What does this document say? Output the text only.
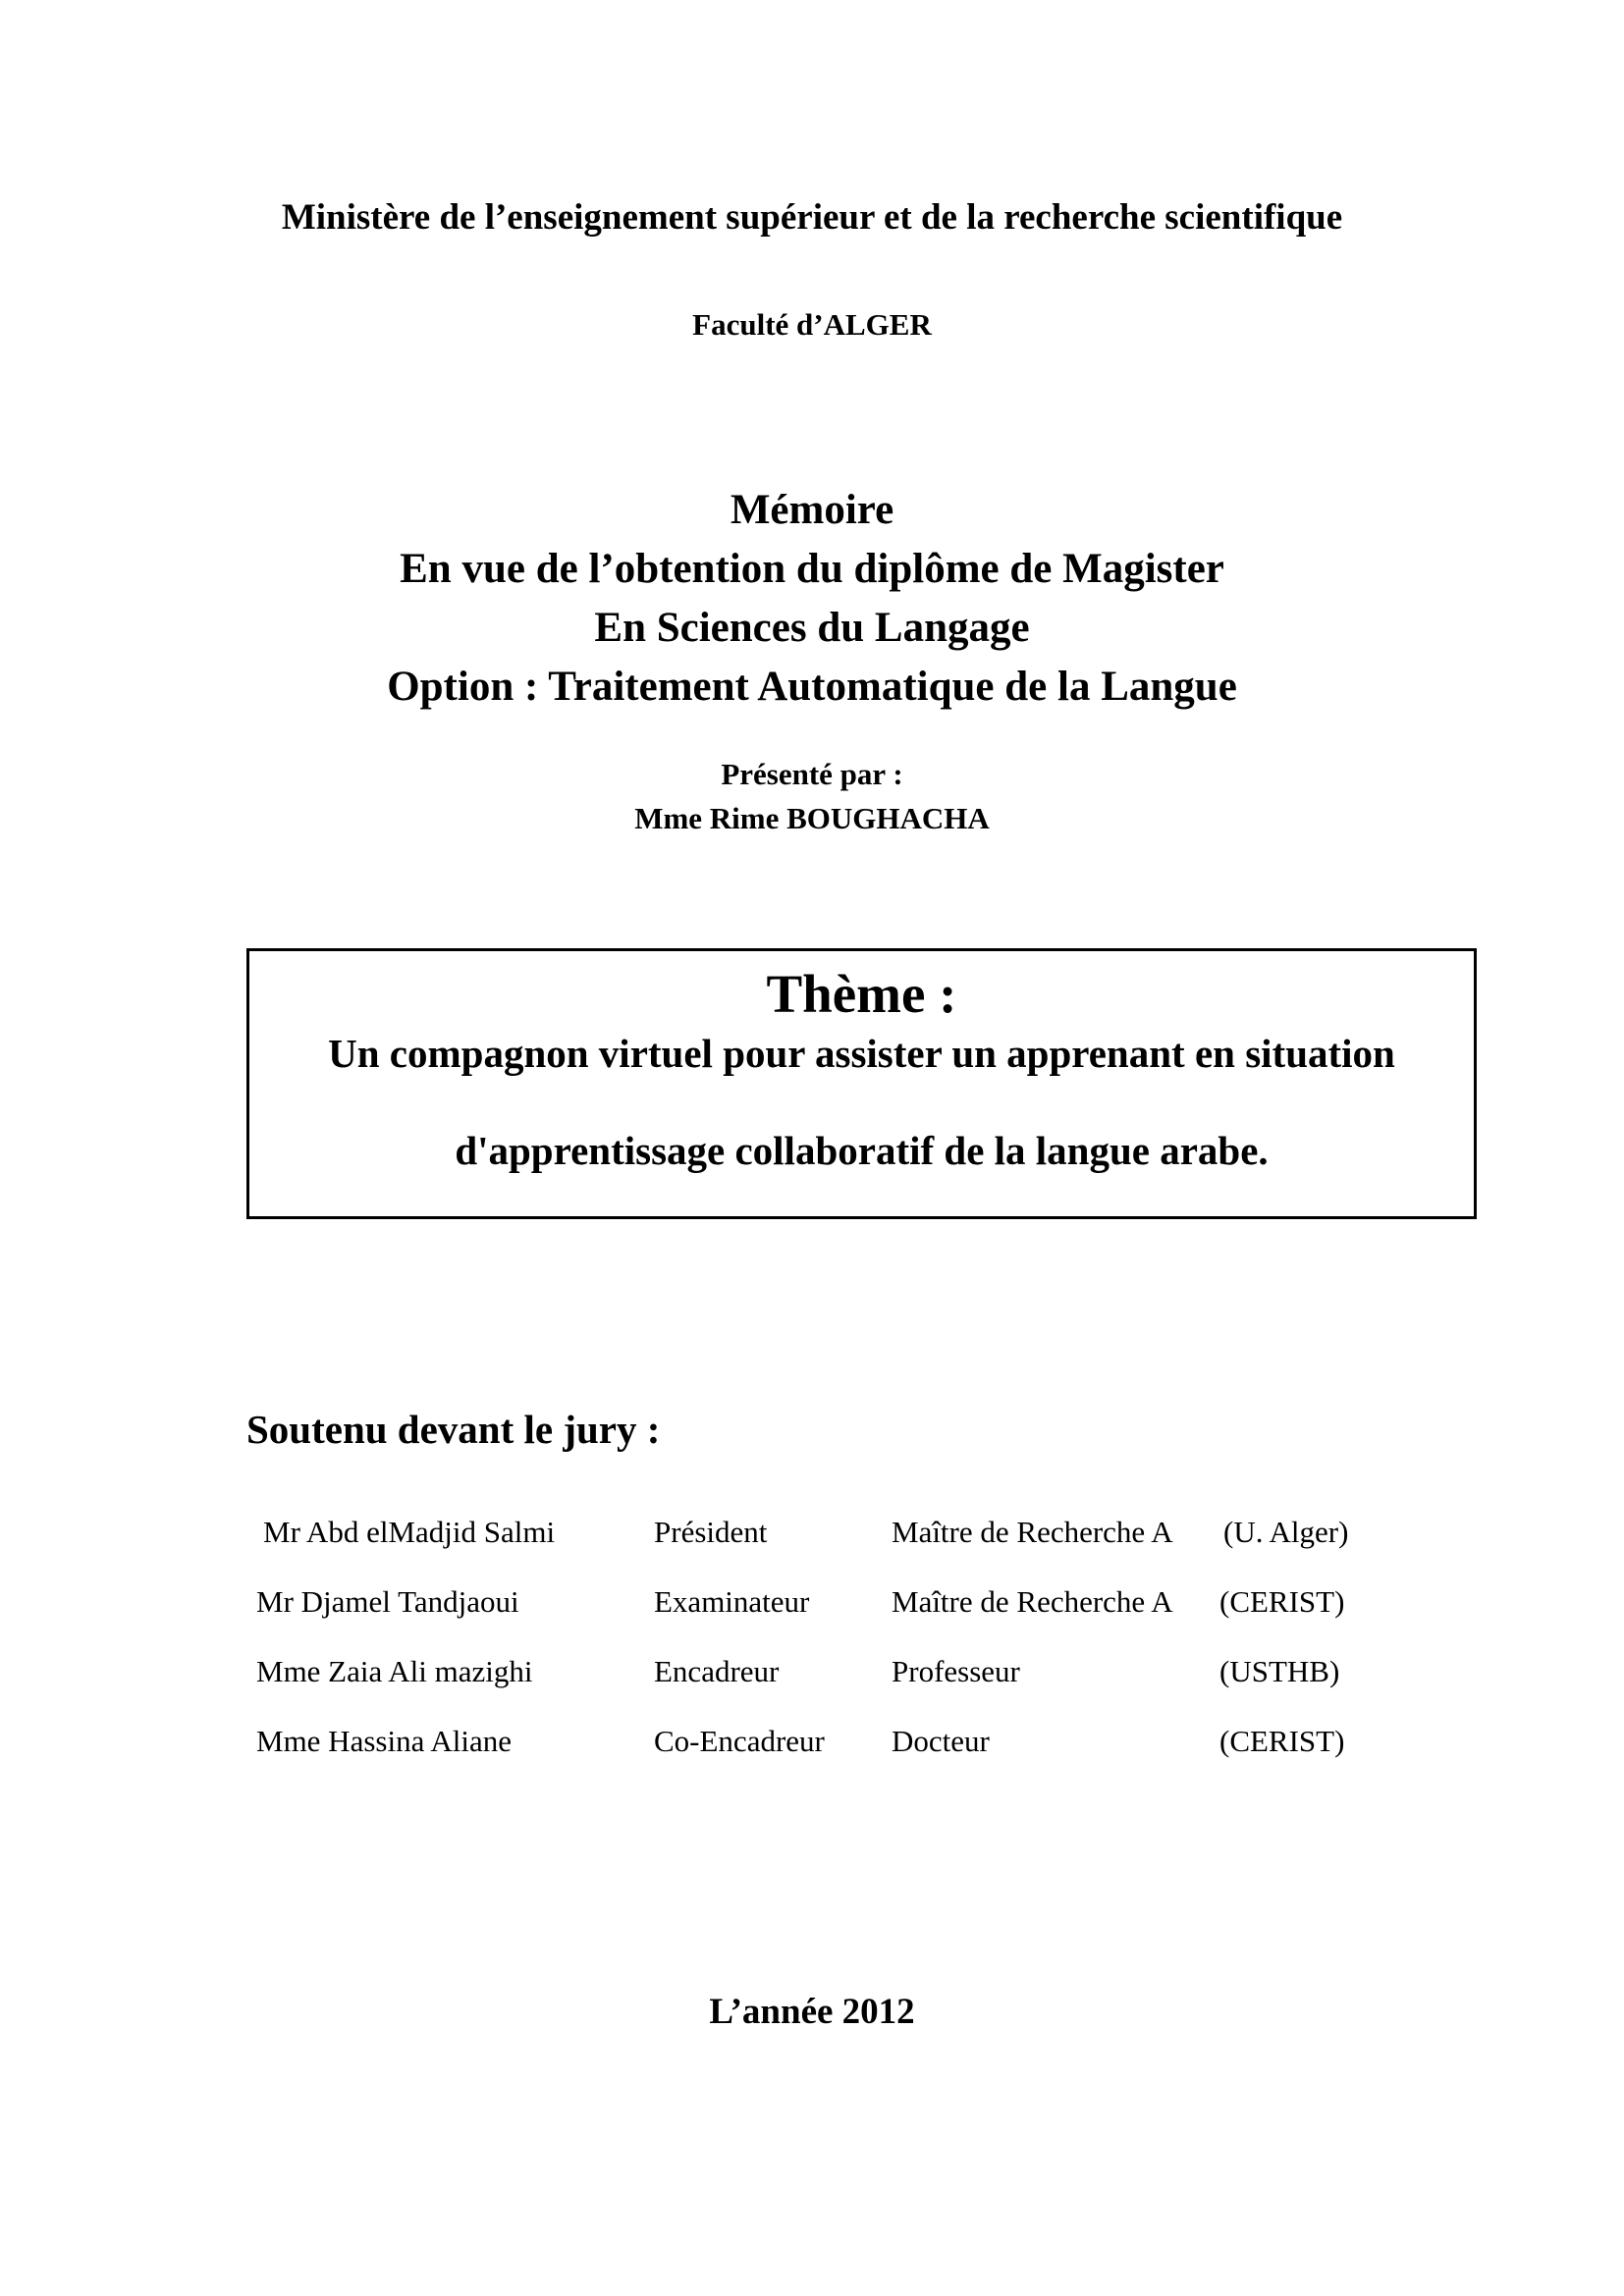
Ministère de l’enseignement supérieur et de la recherche scientifique
Faculté d’ALGER
Mémoire
En vue de l’obtention du diplôme de Magister
En Sciences du Langage
Option : Traitement Automatique de la Langue
Présenté par :
Mme Rime BOUGHACHA
Thème :
Un compagnon virtuel pour assister un apprenant en situation
d'apprentissage collaboratif de la langue arabe.
Soutenu devant le jury :
Mr Abd elMadjid Salmi	Président	Maître de Recherche A (U. Alger)
Mr Djamel Tandjaoui	Examinateur	Maître de Recherche A (CERIST)
Mme Zaia Ali mazighi	Encadreur	Professeur	(USTHB)
Mme Hassina Aliane	Co-Encadreur Docteur	(CERIST)
L’année 2012
